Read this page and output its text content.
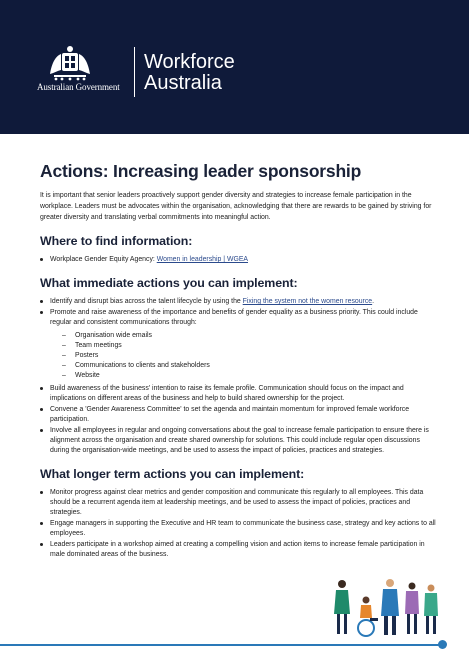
Australian Government
Workforce
Australia
Actions: Increasing leader sponsorship

It is important that senior leaders proactively support gender diversity and strategies to increase female participation in the workplace. Leaders must be advocates within the organisation, acknowledging that there are rewards to be gained by striving for greater diversity and translating verbal commitments into meaningful action.

Where to find information:
Workplace Gender Equity Agency: Women in leadership | WGEA
What immediate actions you can implement:
Identify and disrupt bias across the talent lifecycle by using the Fixing the system not the women resource.
Promote and raise awareness of the importance and benefits of gender equality as a business priority. This could include regular and consistent communications through:
– Organisation wide emails
– Team meetings
– Posters
– Communications to clients and stakeholders
– Website
Build awareness of the business' intention to raise its female profile. Communication should focus on the impact and implications on different areas of the business and help to build shared ownership for the project.
Convene a 'Gender Awareness Committee' to set the agenda and maintain momentum for improved female workforce participation.
Involve all employees in regular and ongoing conversations about the goal to increase female participation to ensure there is alignment across the organisation and create shared ownership for solutions. This could include regular open discussions during the organisation-wide meetings, and be used to assess the impact of policies, practices and strategies.
What longer term actions you can implement:
Monitor progress against clear metrics and gender composition and communicate this regularly to all employees. This data should be a recurrent agenda item at leadership meetings, and be used to assess the impact of policies, practices and strategies.
Engage managers in supporting the Executive and HR team to communicate the business case, strategy and key actions to all employees.
Leaders participate in a workshop aimed at creating a compelling vision and action items to increase female participation in male dominated areas of the business.
